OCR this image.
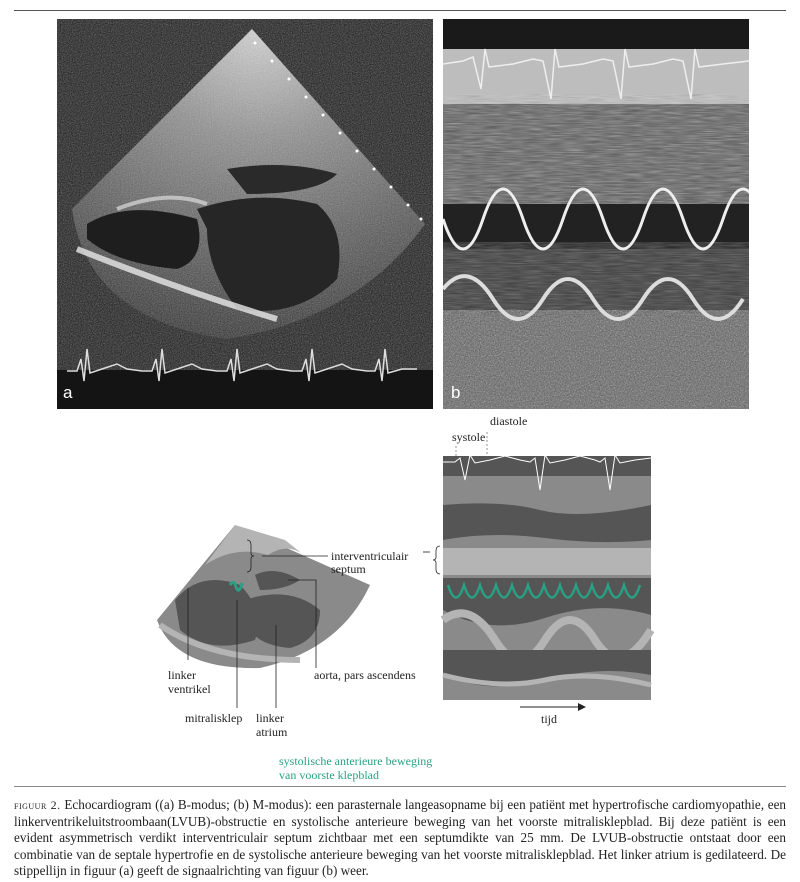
a	b
diastole
systole
interventriculair
septum
aorta, pars ascendens
linker
ventrikel
mitralisklep linker
atrium
tijd
systolische anterieure beweging
van voorste klepblad
figuur 2. Echocardiogram ((a) B-modus; (b) M-modus): een parasternale langeasopname bij een patiënt met hypertrofische cardiomyopathie, een linkerventrikeluitstroombaan(LVUB)-obstructie en systolische anterieure beweging van het voorste mitralisklepblad. Bij deze patiënt is een evident asymmetrisch verdikt interventriculair septum zichtbaar met een septumdikte van 25 mm. De LVUB-obstructie ontstaat door een combinatie van de septale hypertrofie en de systolische anterieure beweging van het voorste mitralisklepblad. Het linker atrium is gedilateerd. De stippellijn in figuur (a) geeft de signaalrichting van figuur (b) weer.
